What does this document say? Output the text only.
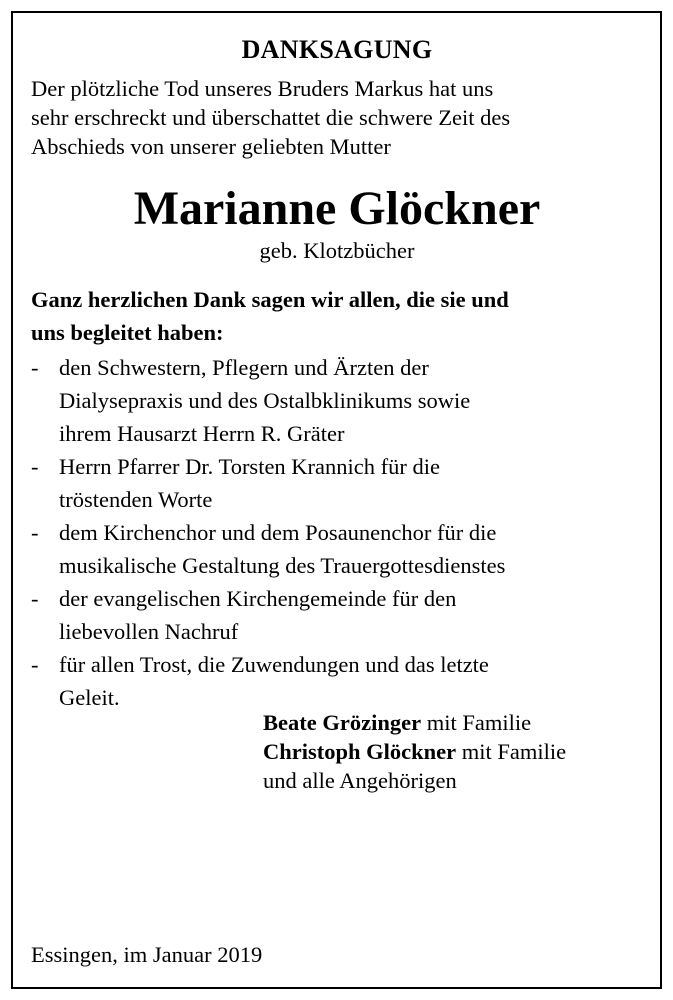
DANKSAGUNG

Der plötzliche Tod unseres Bruders Markus hat uns
sehr erschreckt und überschattet die schwere Zeit des
Abschieds von unserer geliebten Mutter

Marianne Glöckner

geb. Klotzbücher

Ganz herzlichen Dank sagen wir allen, die sie und
uns begleitet haben:

- den Schwestern, Pflegern und Ärzten der
Dialysepraxis und des Ostalbklinikums sowie
ihrem Hausarzt Herrn R. Gräter
- Herrn Pfarrer Dr. Torsten Krannich für die
tröstenden Worte
- dem Kirchenchor und dem Posaunenchor für die
musikalische Gestaltung des Trauergottesdienstes
- der evangelischen Kirchengemeinde für den
liebevollen Nachruf
- für allen Trost, die Zuwendungen und das letzte
Geleit.
Beate Grözinger mit Familie
Christoph Glöckner mit Familie
und alle Angehörigen
Essingen, im Januar 2019
